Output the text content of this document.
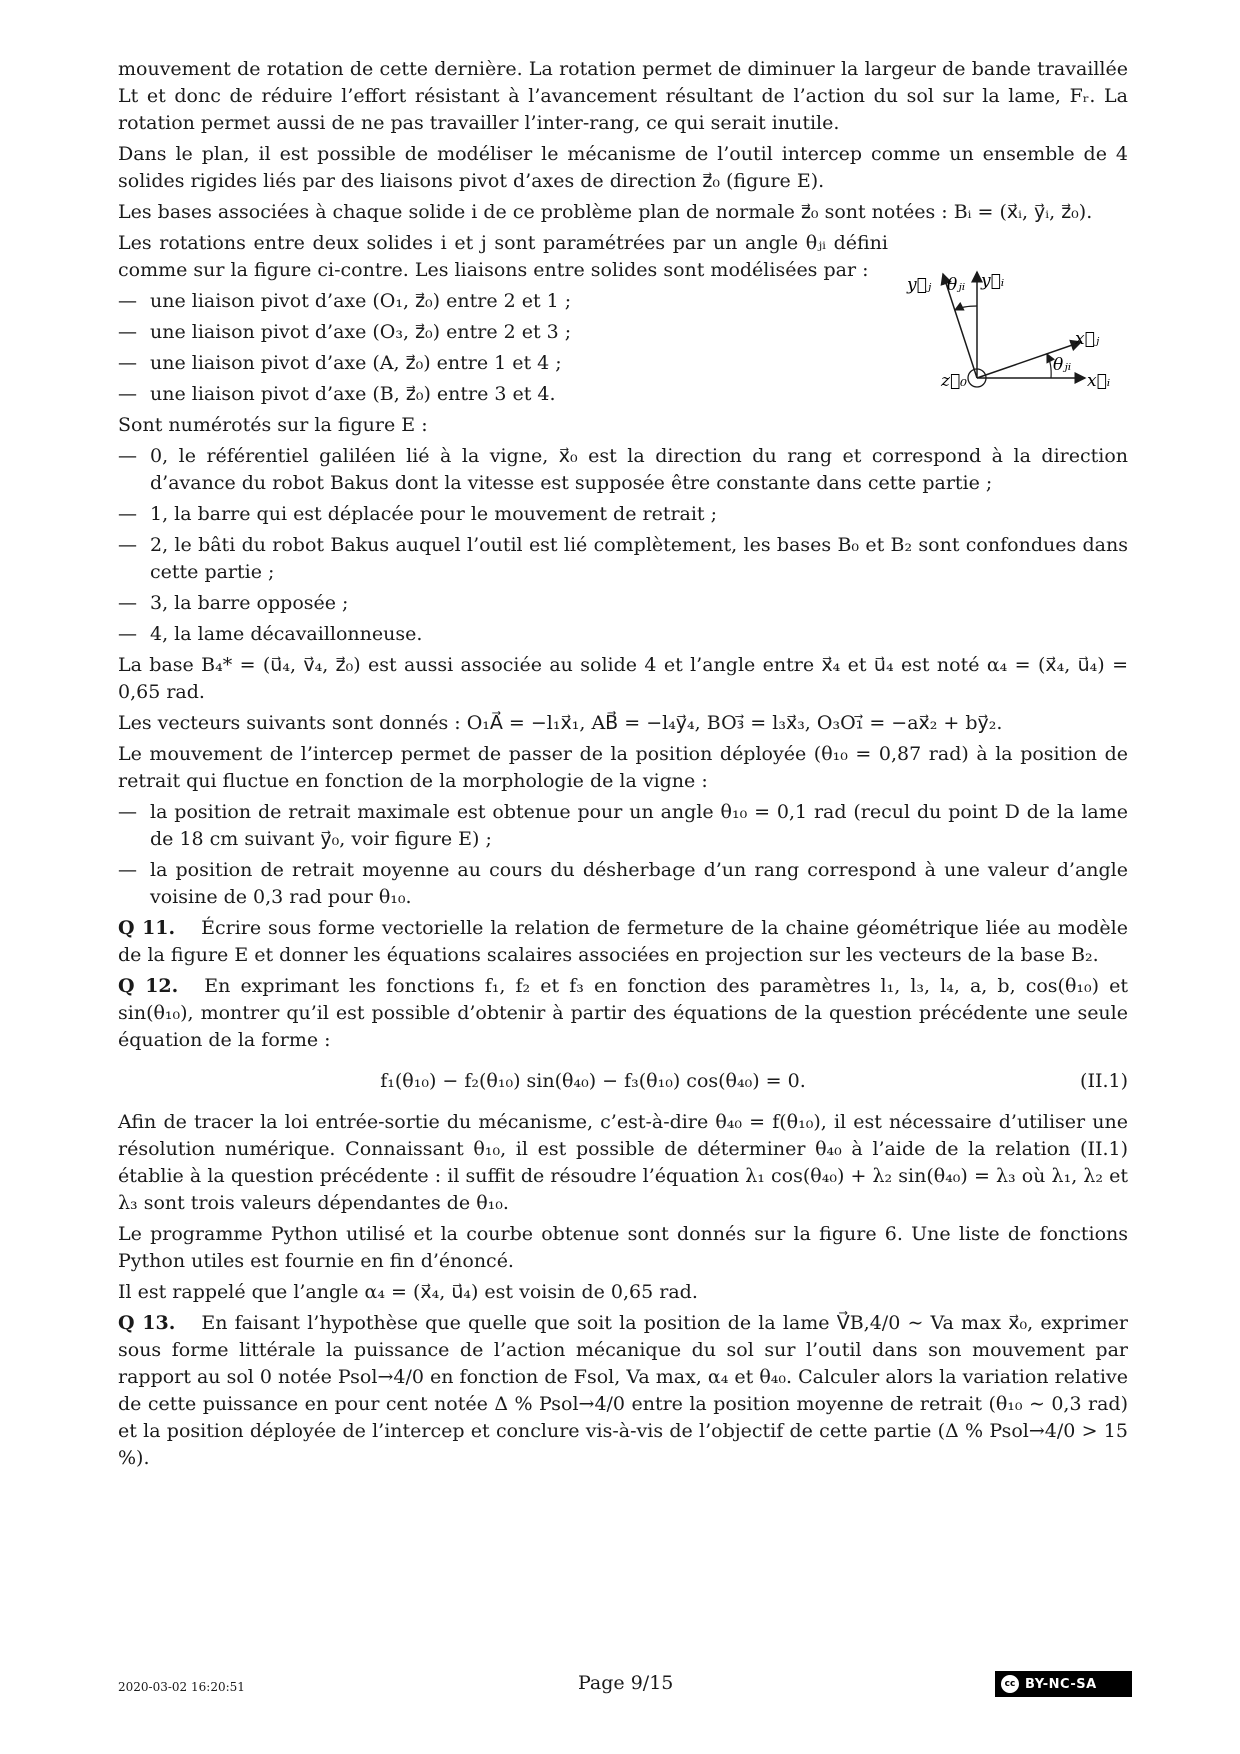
mouvement de rotation de cette dernière. La rotation permet de diminuer la largeur de bande travaillée Lt et donc de réduire l’effort résistant à l’avancement résultant de l’action du sol sur la lame, Fᵣ. La rotation permet aussi de ne pas travailler l’inter-rang, ce qui serait inutile.

Dans le plan, il est possible de modéliser le mécanisme de l’outil intercep comme un ensemble de 4 solides rigides liés par des liaisons pivot d’axes de direction z⃗₀ (figure E).

Les bases associées à chaque solide i de ce problème plan de normale z⃗₀ sont notées : Bᵢ = (x⃗ᵢ, y⃗ᵢ, z⃗₀).

Les rotations entre deux solides i et j sont paramétrées par un angle θⱼᵢ défini comme sur la figure ci-contre. Les liaisons entre solides sont modélisées par :

— une liaison pivot d’axe (O₁, z⃗₀) entre 2 et 1 ;
— une liaison pivot d’axe (O₃, z⃗₀) entre 2 et 3 ;
— une liaison pivot d’axe (A, z⃗₀) entre 1 et 4 ;
— une liaison pivot d’axe (B, z⃗₀) entre 3 et 4.

Sont numérotés sur la figure E :

— 0, le référentiel galiléen lié à la vigne, x⃗₀ est la direction du rang et correspond à la direction d’avance du robot Bakus dont la vitesse est supposée être constante dans cette partie ;
— 1, la barre qui est déplacée pour le mouvement de retrait ;
— 2, le bâti du robot Bakus auquel l’outil est lié complètement, les bases B₀ et B₂ sont confondues dans cette partie ;
— 3, la barre opposée ;
— 4, la lame décavaillonneuse.

La base B₄* = (u⃗₄, v⃗₄, z⃗₀) est aussi associée au solide 4 et l’angle entre x⃗₄ et u⃗₄ est noté α₄ = (x⃗₄, u⃗₄) = 0,65 rad.

Les vecteurs suivants sont donnés : O₁A⃗ = −l₁x⃗₁, AB⃗ = −l₄y⃗₄, BO₃⃗ = l₃x⃗₃, O₃O₁⃗ = −ax⃗₂ + by⃗₂.

Le mouvement de l’intercep permet de passer de la position déployée (θ₁₀ = 0,87 rad) à la position de retrait qui fluctue en fonction de la morphologie de la vigne :

— la position de retrait maximale est obtenue pour un angle θ₁₀ = 0,1 rad (recul du point D de la lame de 18 cm suivant y⃗₀, voir figure E) ;
— la position de retrait moyenne au cours du désherbage d’un rang correspond à une valeur d’angle voisine de 0,3 rad pour θ₁₀.

Q 11. Écrire sous forme vectorielle la relation de fermeture de la chaine géométrique liée au modèle de la figure E et donner les équations scalaires associées en projection sur les vecteurs de la base B₂.

Q 12. En exprimant les fonctions f₁, f₂ et f₃ en fonction des paramètres l₁, l₃, l₄, a, b, cos(θ₁₀) et sin(θ₁₀), montrer qu’il est possible d’obtenir à partir des équations de la question précédente une seule équation de la forme :

f₁(θ₁₀) − f₂(θ₁₀) sin(θ₄₀) − f₃(θ₁₀) cos(θ₄₀) = 0.	(II.1)

Afin de tracer la loi entrée-sortie du mécanisme, c’est-à-dire θ₄₀ = f(θ₁₀), il est nécessaire d’utiliser une résolution numérique. Connaissant θ₁₀, il est possible de déterminer θ₄₀ à l’aide de la relation (II.1) établie à la question précédente : il suffit de résoudre l’équation λ₁ cos(θ₄₀) + λ₂ sin(θ₄₀) = λ₃ où λ₁, λ₂ et λ₃ sont trois valeurs dépendantes de θ₁₀.

Le programme Python utilisé et la courbe obtenue sont donnés sur la figure 6. Une liste de fonctions Python utiles est fournie en fin d’énoncé.

Il est rappelé que l’angle α₄ = (x⃗₄, u⃗₄) est voisin de 0,65 rad.

Q 13. En faisant l’hypothèse que quelle que soit la position de la lame V⃗B,4/0 ∼ Va max x⃗₀, exprimer sous forme littérale la puissance de l’action mécanique du sol sur l’outil dans son mouvement par rapport au sol 0 notée Psol→4/0 en fonction de Fsol, Va max, α₄ et θ₄₀. Calculer alors la variation relative de cette puissance en pour cent notée Δ % Psol→4/0 entre la position moyenne de retrait (θ₁₀ ∼ 0,3 rad) et la position déployée de l’intercep et conclure vis-à-vis de l’objectif de cette partie (Δ % Psol→4/0 > 15 %).

y⃗ⱼ θⱼᵢ y⃗ᵢ
x⃗ⱼ
θⱼᵢ
z⃗₀	x⃗ᵢ
2020-03-02 16:20:51	Page 9/15	cc BY-NC-SA
